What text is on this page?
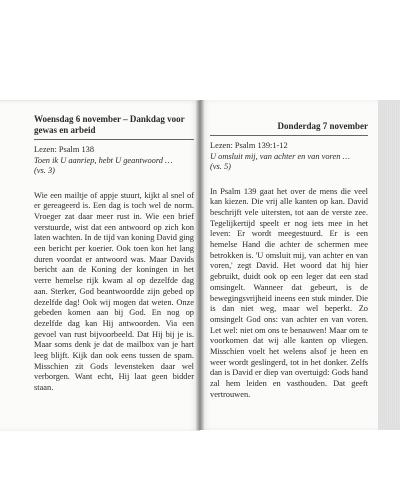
Woensdag 6 november – Dankdag voor gewas en arbeid
Lezen: Psalm 138
Toen ik U aanriep, hebt U geantwoord …
(vs. 3)
Wie een mailtje of appje stuurt, kijkt al snel of er gereageerd is. Een dag is toch wel de norm. Vroeger zat daar meer rust in. Wie een brief verstuurde, wist dat een antwoord op zich kon laten wachten. In de tijd van koning David ging een bericht per koerier. Ook toen kon het lang duren voordat er antwoord was. Maar Davids bericht aan de Koning der koningen in het verre hemelse rijk kwam al op dezelfde dag aan. Sterker, God beantwoordde zijn gebed op dezelfde dag! Ook wij mogen dat weten. Onze gebeden komen aan bij God. En nog op dezelfde dag kan Hij antwoorden. Via een gevoel van rust bijvoorbeeld. Dat Hij bij je is. Maar soms denk je dat de mailbox van je hart leeg blijft. Kijk dan ook eens tussen de spam. Misschien zit Gods levensteken daar wel verborgen. Want echt, Hij laat geen bidder staan.
Donderdag 7 november
Lezen: Psalm 139:1-12
U omsluit mij, van achter en van voren …
(vs. 5)
In Psalm 139 gaat het over de mens die veel kan kiezen. Die vrij alle kanten op kan. David beschrijft vele uitersten, tot aan de verste zee. Tegelijkertijd speelt er nog iets mee in het leven: Er wordt meegestuurd. Er is een hemelse Hand die achter de schermen mee betrokken is. 'U omsluit mij, van achter en van voren,' zegt David. Het woord dat hij hier gebruikt, duidt ook op een leger dat een stad omsingelt. Wanneer dat gebeurt, is de bewegingsvrijheid ineens een stuk minder. Die is dan niet weg, maar wel beperkt. Zo omsingelt God ons: van achter en van voren. Let wel: niet om ons te benauwen! Maar om te voorkomen dat wij alle kanten op vliegen. Misschien voelt het welens alsof je heen en weer wordt geslingerd, tot in het donker. Zelfs dan is David er diep van overtuigd: Gods hand zal hem leiden en vasthouden. Dat geeft vertrouwen.
